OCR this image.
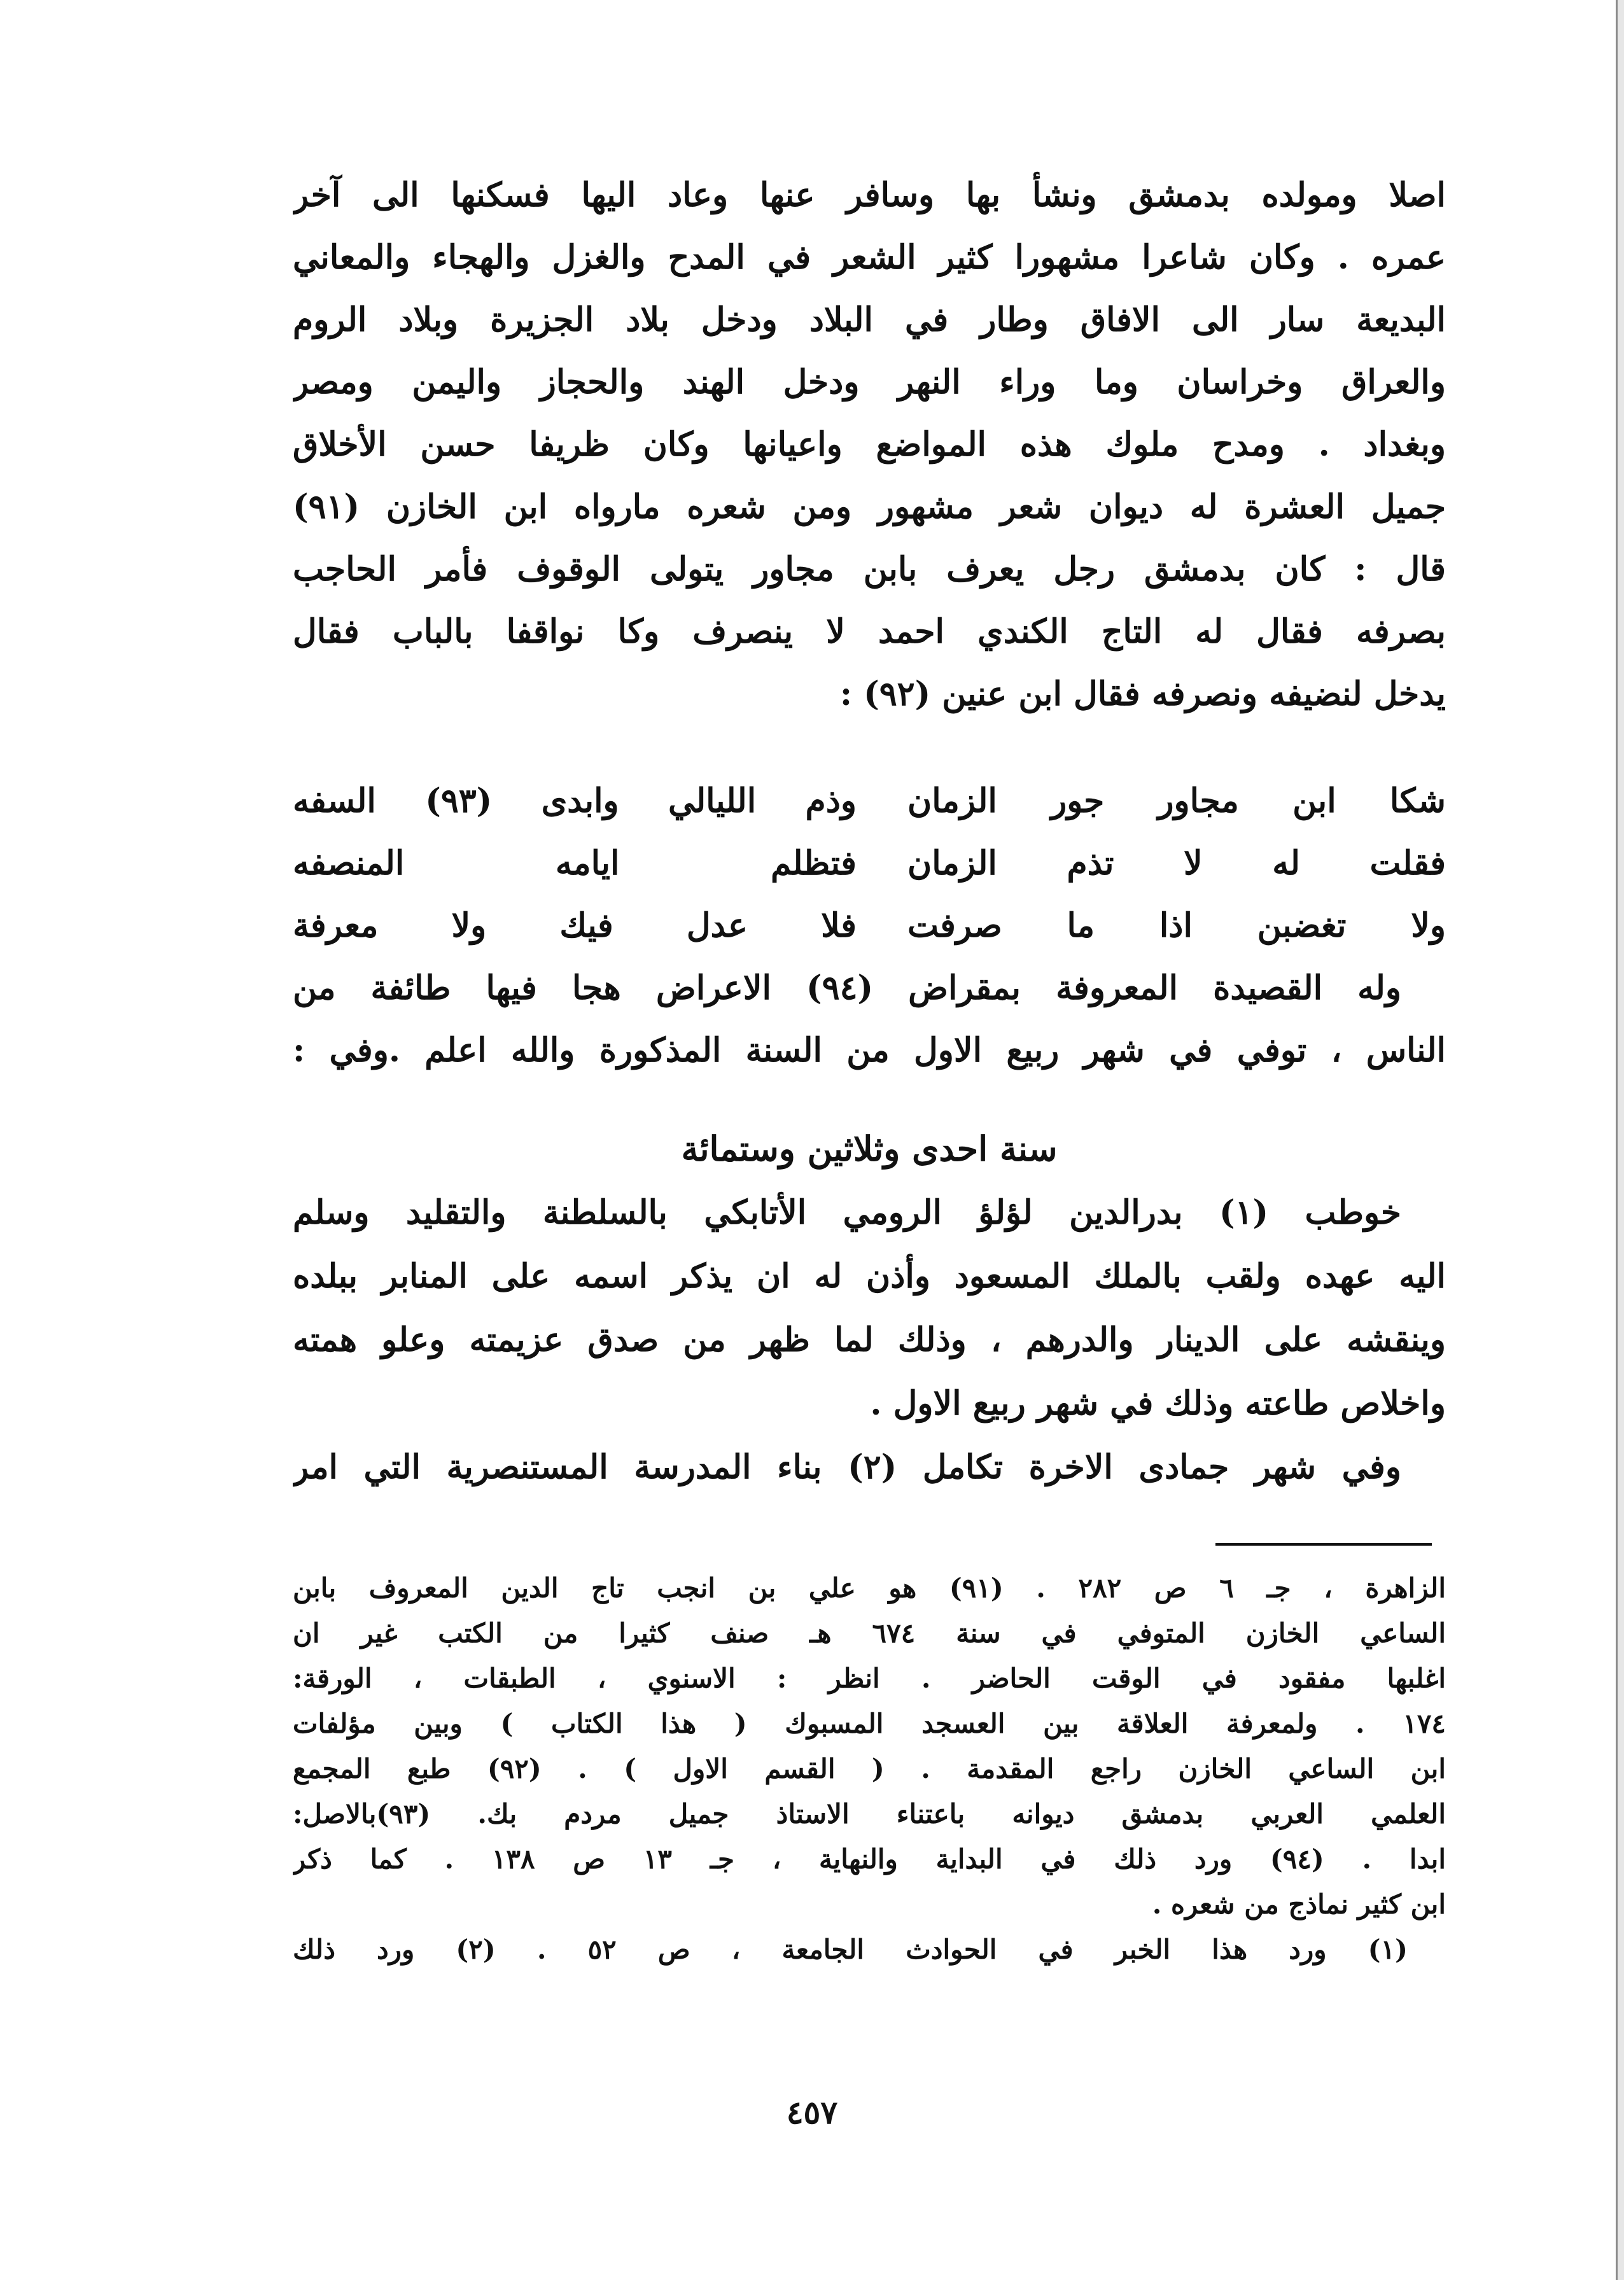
اصلا ومولده بدمشق ونشأ بها وسافر عنها وعاد اليها فسكنها الى آخر
عمره . وكان شاعرا مشهورا كثير الشعر في المدح والغزل والهجاء والمعاني
البديعة سار الى الافاق وطار في البلاد ودخل بلاد الجزيرة وبلاد الروم
والعراق وخراسان وما وراء النهر ودخل الهند والحجاز واليمن ومصر
وبغداد . ومدح ملوك هذه المواضع واعيانها وكان ظريفا حسن الأخلاق
جميل العشرة له ديوان شعر مشهور ومن شعره مارواه ابن الخازن (٩١)
قال : كان بدمشق رجل يعرف بابن مجاور يتولى الوقوف فأمر الحاجب
بصرفه فقال له التاج الكندي احمد لا ينصرف وكا نواقفا بالباب فقال
يدخل لنضيفه ونصرفه فقال ابن عنين (٩٢) :
شكا ابن مجاور جور الزمان
وذم الليالي وابدى (٩٣) السفه
فقلت له لا تذم الزمان
فتظلم ايامه المنصفه
ولا تغضبن اذا ما صرفت
فلا عدل فيك ولا معرفة
وله القصيدة المعروفة بمقراض (٩٤) الاعراض هجا فيها طائفة من
الناس ، توفي في شهر ربيع الاول من السنة المذكورة والله اعلم .وفي :
سنة احدى وثلاثين وستمائة
خوطب (١) بدرالدين لؤلؤ الرومي الأتابكي بالسلطنة والتقليد وسلم
اليه عهده ولقب بالملك المسعود وأذن له ان يذكر اسمه على المنابر ببلده
وينقشه على الدينار والدرهم ، وذلك لما ظهر من صدق عزيمته وعلو همته
واخلاص طاعته وذلك في شهر ربيع الاول .
وفي شهر جمادى الاخرة تكامل (٢) بناء المدرسة المستنصرية التي امر
الزاهرة ، جـ ٦ ص ٢٨٢ . (٩١) هو علي بن انجب تاج الدين المعروف بابن
الساعي الخازن المتوفي في سنة ٦٧٤ هـ صنف كثيرا من الكتب غير ان
اغلبها مفقود في الوقت الحاضر . انظر : الاسنوي ، الطبقات ، الورقة:
١٧٤ . ولمعرفة العلاقة بين العسجد المسبوك ( هذا الكتاب ) وبين مؤلفات
ابن الساعي الخازن راجع المقدمة . ( القسم الاول ) . (٩٢) طبع المجمع
العلمي العربي بدمشق ديوانه باعتناء الاستاذ جميل مردم بك. (٩٣)بالاصل:
ابدا . (٩٤) ورد ذلك في البداية والنهاية ، جـ ١٣ ص ١٣٨ . كما ذكر
ابن كثير نماذج من شعره .
(١) ورد هذا الخبر في الحوادث الجامعة ، ص ٥٢ . (٢) ورد ذلك
٤٥٧
